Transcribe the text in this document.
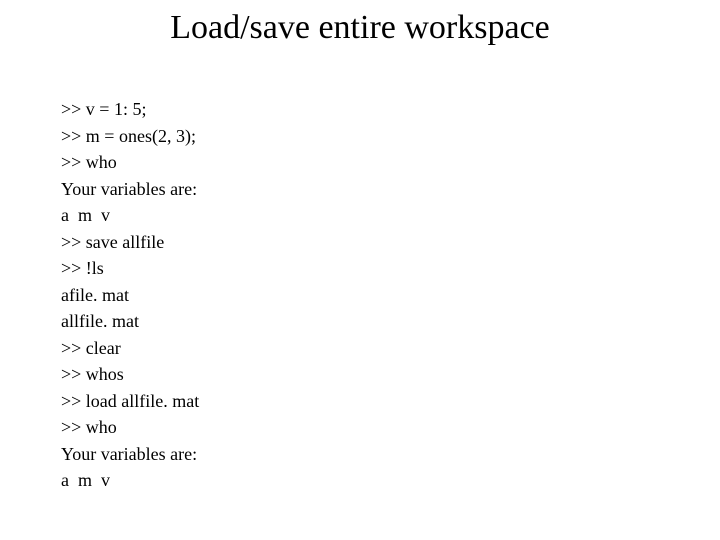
Load/save entire workspace
>> v = 1: 5;
>> m = ones(2, 3);
>> who
Your variables are:
a  m  v
>> save allfile
>> !ls
afile. mat
allfile. mat
>> clear
>> whos
>> load allfile. mat
>> who
Your variables are:
a  m  v
